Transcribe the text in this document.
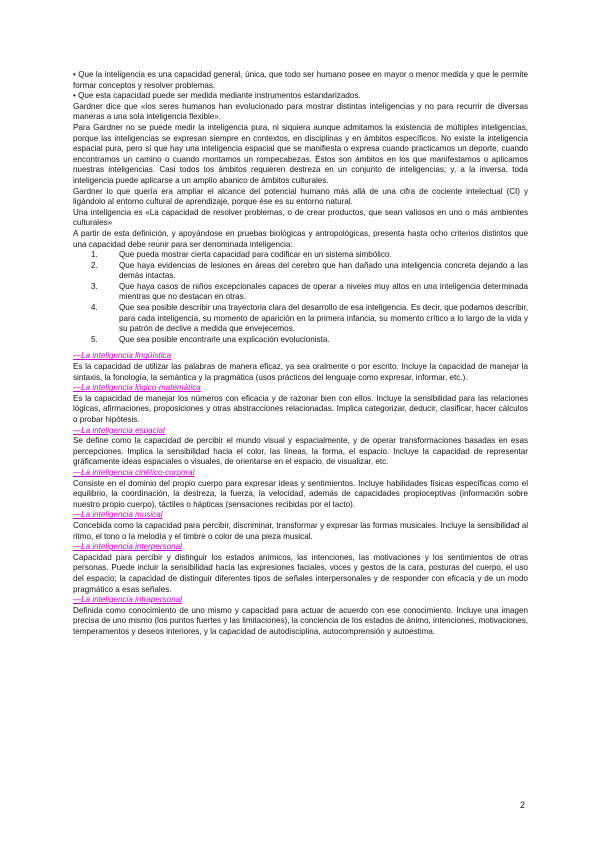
• Que la inteligencia es una capacidad general, única, que todo ser humano posee en mayor o menor medida y que le permite formar conceptos y resolver problemas.

• Que esta capacidad puede ser medida mediante instrumentos estandarizados.

Gardner dice que «los seres humanos han evolucionado para mostrar distintas inteligencias y no para recurrir de diversas maneras a una sola inteligencia flexible».

Para Gardner no se puede medir la inteligencia pura, ni siquiera aunque admitamos la existencia de múltiples inteligencias, porque las inteligencias se expresan siempre en contextos, en disciplinas y en ámbitos específicos. No existe la inteligencia espacial pura, pero sí que hay una inteligencia espacial que se manifiesta o expresa cuando practicamos un deporte, cuando encontramos un camino o cuando montamos un rompecabezas. Éstos son ámbitos en los que manifestamos o aplicamos nuestras inteligencias. Casi todos los ámbitos requieren destreza en un conjunto de inteligencias; y, a la inversa, toda inteligencia puede aplicarse a un amplio abanico de ámbitos culturales.

Gardner lo que quería era ampliar el alcance del potencial humano más allá de una cifra de cociente intelectual (CI) y ligándolo al entorno cultural de aprendizaje, porque ése es su entorno natural.

Una inteligencia es «La capacidad de resolver problemas, o de crear productos, que sean valiosos en uno o más ambientes culturales»

A partir de esta definición, y apoyándose en pruebas biológicas y antropológicas, presenta hasta ocho criterios distintos que una capacidad debe reunir para ser denominada inteligencia:

1.	Que pueda mostrar cierta capacidad para codificar en un sistema simbólico.
2.	Que haya evidencias de lesiones en áreas del cerebro que han dañado una inteligencia concreta dejando a las demás intactas.
3.	Que haya casos de niños excepcionales capaces de operar a niveles muy altos en una inteligencia determinada mientras que no destacan en otras.
4.	Que sea posible describir una trayectoria clara del desarrollo de esa inteligencia. Es decir, que podamos describir, para cada inteligencia, su momento de aparición en la primera infancia, su momento crítico a lo largo de la vida y su patrón de declive a medida que envejecemos.
5.	Que sea posible encontrarle una explicación evolucionista.

—La inteligencia lingüística

Es la capacidad de utilizar las palabras de manera eficaz, ya sea oralmente o por escrito. Incluye la capacidad de manejar la sintaxis, la fonología, la semántica y la pragmática (usos prácticos del lenguaje como expresar, informar, etc.).

—La inteligencia lógico-matemática

Es la capacidad de manejar los números con eficacia y de razonar bien con ellos. Incluye la sensibilidad para las relaciones lógicas, afirmaciones, proposiciones y otras abstracciones relacionadas. Implica categorizar, deducir, clasificar, hacer cálculos o probar hipótesis.

—La inteligencia espacial

Se define como la capacidad de percibir el mundo visual y espacialmente, y de operar transformaciones basadas en esas percepciones. Implica la sensibilidad hacia el color, las líneas, la forma, el espacio. Incluye la capacidad de representar gráficamente ideas espaciales o visuales, de orientarse en el espacio, de visualizar, etc.

—La inteligencia cinético-corporal

Consiste en el dominio del propio cuerpo para expresar ideas y sentimientos. Incluye habilidades físicas específicas como el equilibrio, la coordinación, la destreza, la fuerza, la velocidad, además de capacidades propioceptivas (información sobre nuestro propio cuerpo), táctiles o hápticas (sensaciones recibidas por el tacto).

—La inteligencia musical

Concebida como la capacidad para percibir, discriminar, transformar y expresar las formas musicales. Incluye la sensibilidad al ritmo, el tono o la melodía y el timbre o color de una pieza musical.

—La inteligencia interpersonal

Capacidad para percibir y distinguir los estados anímicos, las intenciones, las motivaciones y los sentimientos de otras personas. Puede incluir la sensibilidad hacia las expresiones faciales, voces y gestos de la cara, posturas del cuerpo, el uso del espacio; la capacidad de distinguir diferentes tipos de señales interpersonales y de responder con eficacia y de un modo pragmático a esas señales.

—La inteligencia intrapersonal

Definida como conocimiento de uno mismo y capacidad para actuar de acuerdo con ese conocimiento. Incluye una imagen precisa de uno mismo (los puntos fuertes y las limitaciones), la conciencia de los estados de ánimo, intenciones, motivaciones, temperamentos y deseos interiores, y la capacidad de autodisciplina, autocomprensión y autoestima.

2
